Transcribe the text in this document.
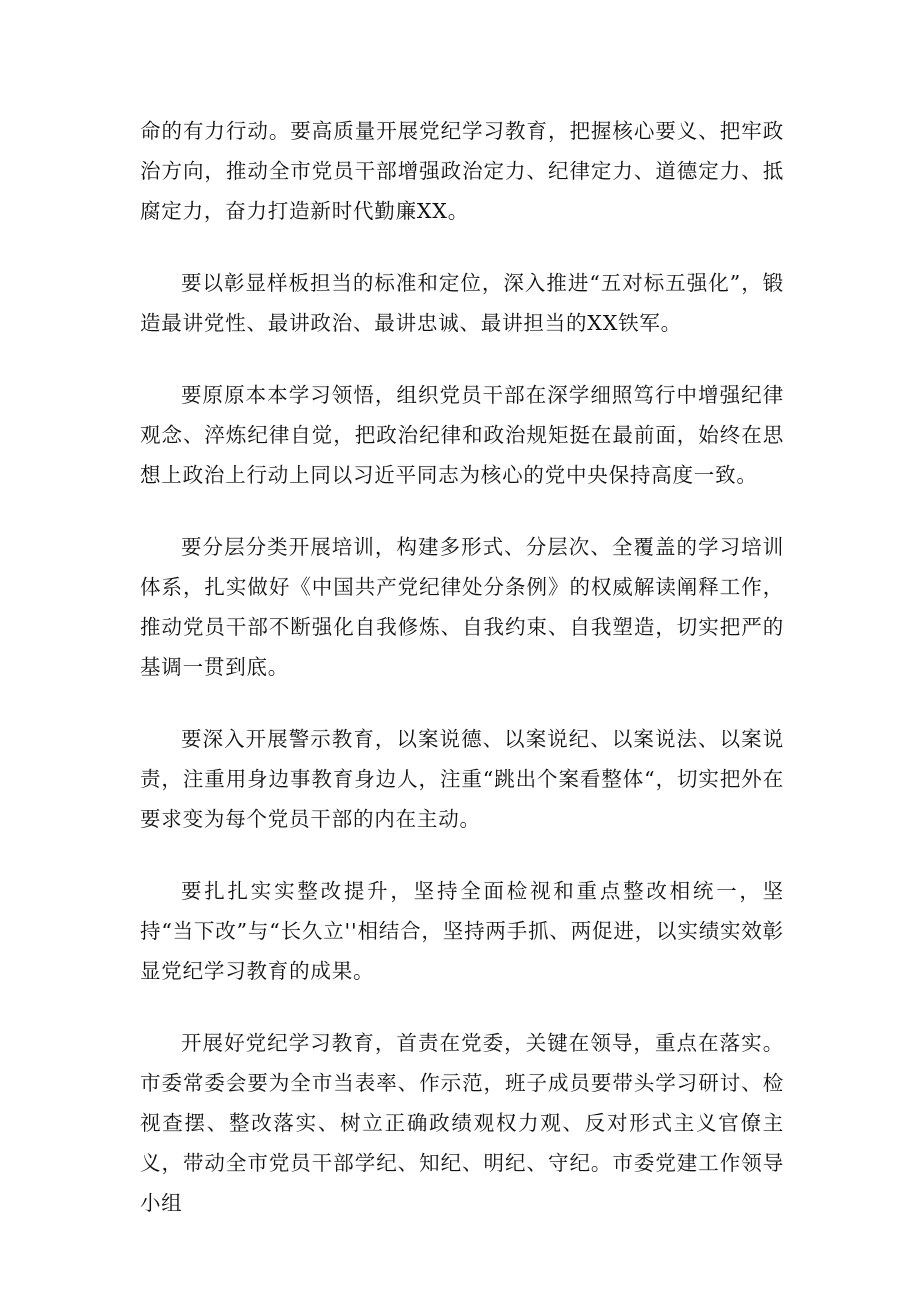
命的有力行动。要高质量开展党纪学习教育，把握核心要义、把牢政治方向，推动全市党员干部增强政治定力、纪律定力、道德定力、抵腐定力，奋力打造新时代勤廉XX。

要以彰显样板担当的标准和定位，深入推进“五对标五强化”，锻造最讲党性、最讲政治、最讲忠诚、最讲担当的XX铁军。

要原原本本学习领悟，组织党员干部在深学细照笃行中增强纪律观念、淬炼纪律自觉，把政治纪律和政治规矩挺在最前面，始终在思想上政治上行动上同以习近平同志为核心的党中央保持高度一致。

要分层分类开展培训，构建多形式、分层次、全覆盖的学习培训体系，扎实做好《中国共产党纪律处分条例》的权威解读阐释工作，推动党员干部不断强化自我修炼、自我约束、自我塑造，切实把严的基调一贯到底。

要深入开展警示教育，以案说德、以案说纪、以案说法、以案说责，注重用身边事教育身边人，注重“跳出个案看整体“，切实把外在要求变为每个党员干部的内在主动。

要扎扎实实整改提升，坚持全面检视和重点整改相统一，坚持“当下改”与“长久立''相结合，坚持两手抓、两促进，以实绩实效彰显党纪学习教育的成果。

开展好党纪学习教育，首责在党委，关键在领导，重点在落实。市委常委会要为全市当表率、作示范，班子成员要带头学习研讨、检视查摆、整改落实、树立正确政绩观权力观、反对形式主义官僚主义，带动全市党员干部学纪、知纪、明纪、守纪。市委党建工作领导小组
